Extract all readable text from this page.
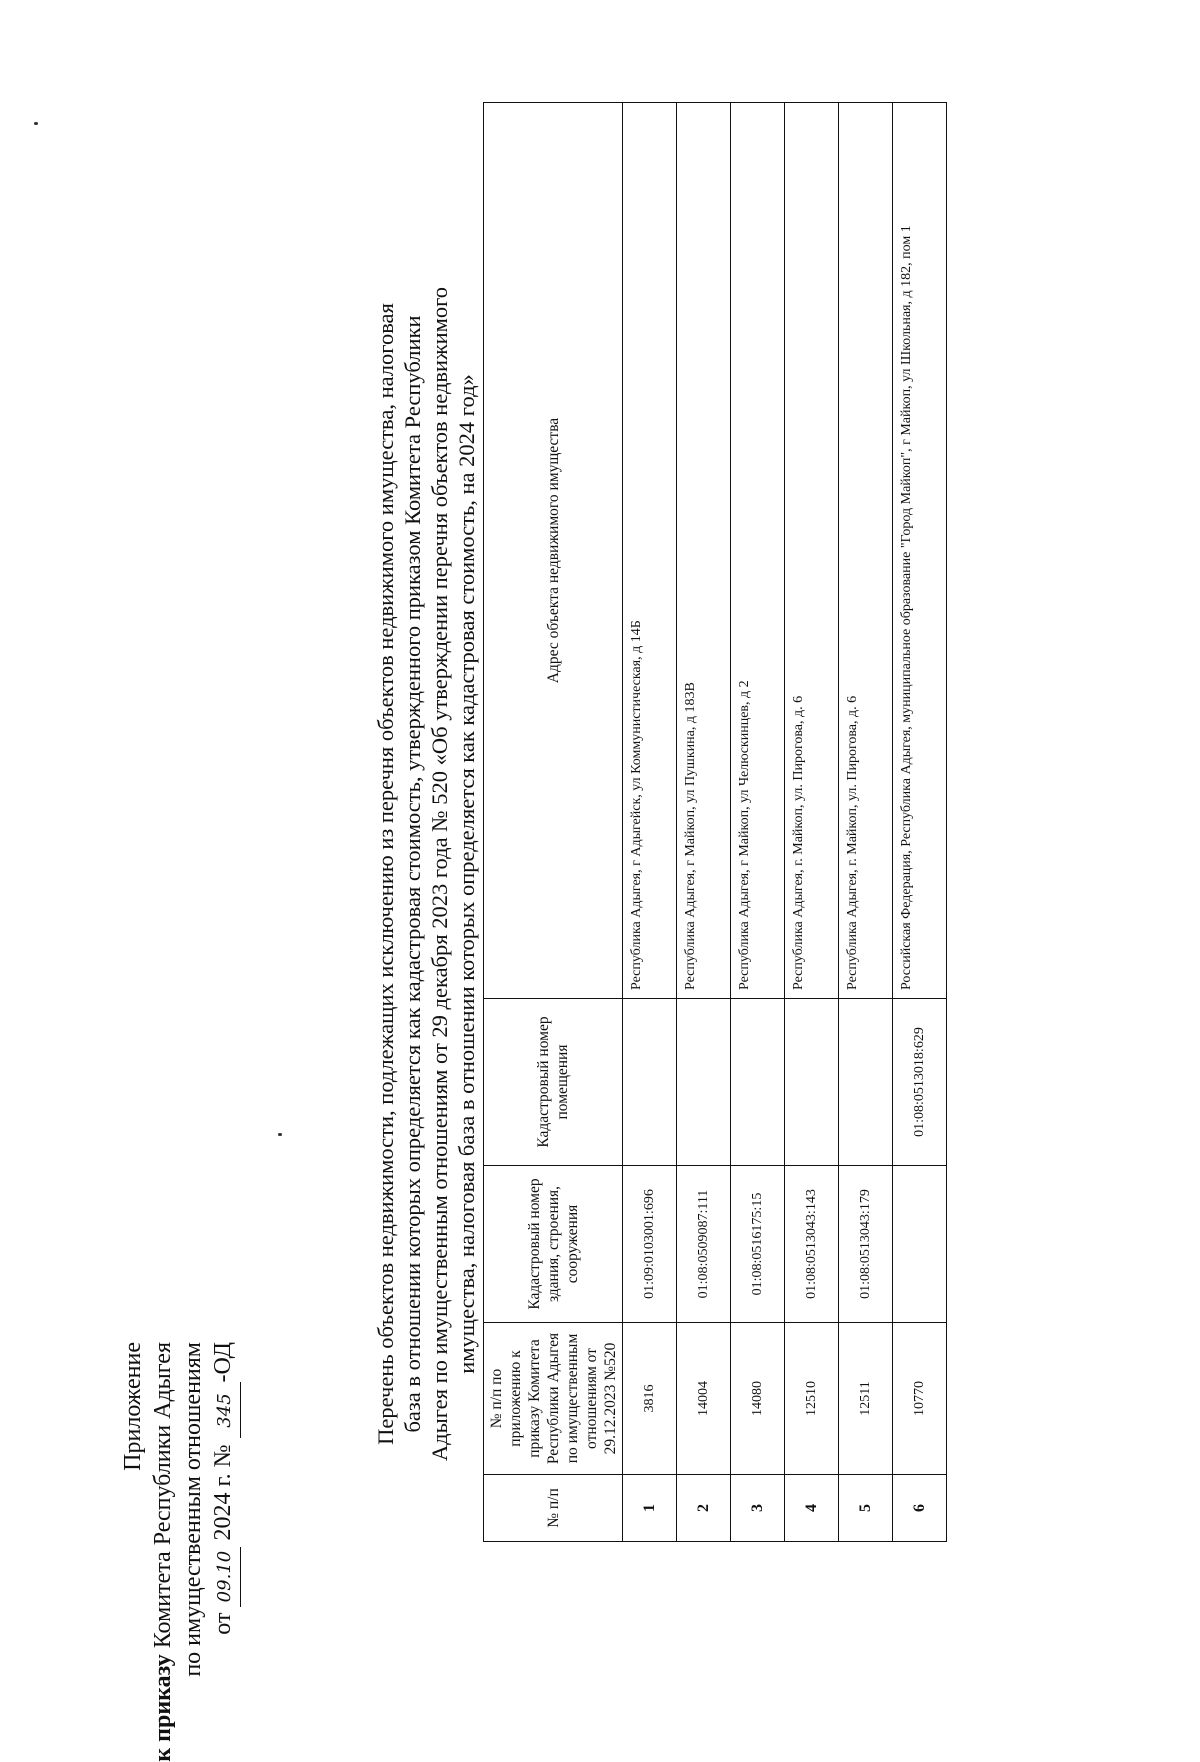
Приложение
к приказу Комитета Республики Адыгея по имущественным отношениям от 09.10 2024 г. № 345-ОД	Перечень объектов недвижимости, подлежащих исключению из перечня объектов недвижимого имущества, налоговая база в отношении которых определяется как кадастровая стоимость, утвержденного приказом Комитета Республики Адыгея по имущественным отношениям от 29 декабря 2023 года № 520 «Об утверждении перечня объектов недвижимого имущества, налоговая база в отношении которых определяется как кадастровая стоимость, на 2024 год»
№ п/п	№ п/п по приложению к приказу Комитета Республики Адыгея по имущественным отношениям от 29.12.2023 №520	Кадастровый номер здания, строения, сооружения	Кадастровый номер помещения	Адрес объекта недвижимого имущества
1	3816	01:09:0103001:696		Республика Адыгея, г Адыгейск, ул Коммунистическая, д 14Б
2	14004	01:08:0509087:111		Республика Адыгея, г Майкоп, ул Пушкина, д 183В
3	14080	01:08:0516175:15		Республика Адыгея, г Майкоп, ул Челюскинцев, д 2
4	12510	01:08:0513043:143		Республика Адыгея, г. Майкоп, ул. Пирогова, д. 6
5	12511	01:08:0513043:179		Республика Адыгея, г. Майкоп, ул. Пирогова, д. 6
6	10770		01:08:0513018:629	Российская Федерация, Республика Адыгея, муниципальное образование "Город Майкоп", г Майкоп, ул Школьная, д 182, пом 1
